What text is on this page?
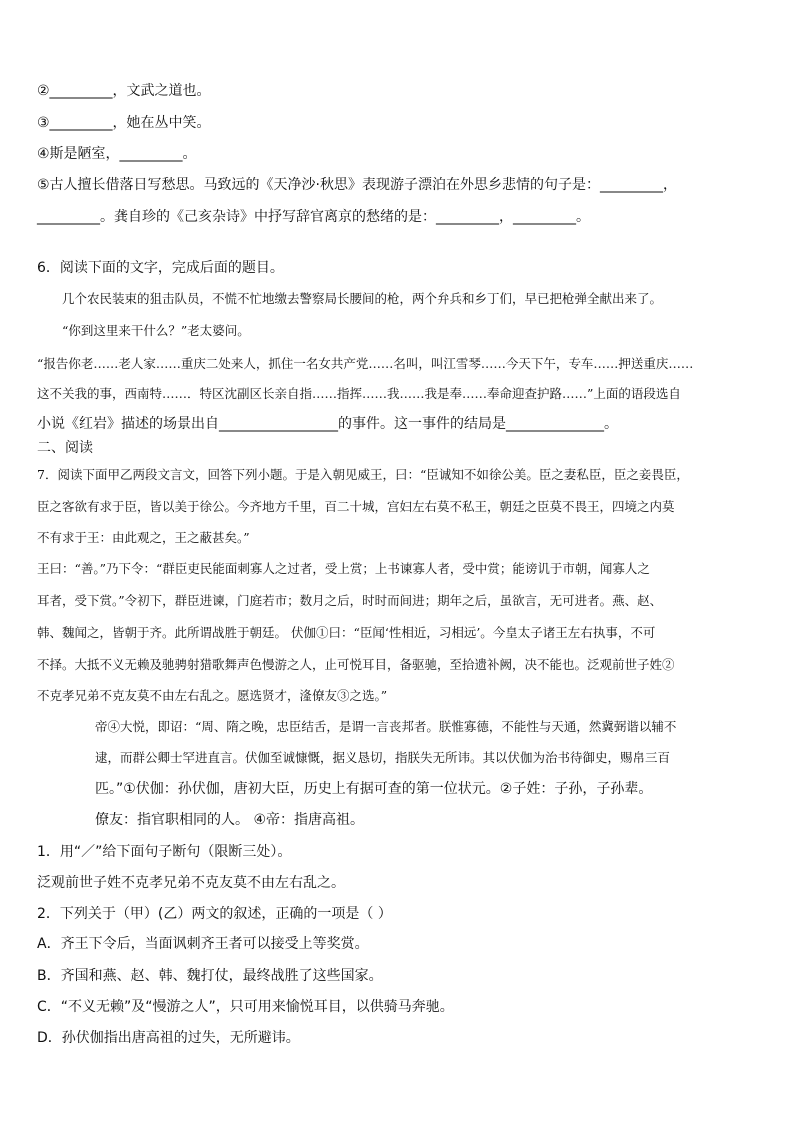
②_________，文武之道也。
③_________，她在丛中笑。
④斯是陋室，_________。
⑤古人擅长借落日写愁思。马致远的《天净沙·秋思》表现游子漂泊在外思乡悲情的句子是：_________，
_________。龚自珍的《己亥杂诗》中抒写辞官离京的愁绪的是：_________，_________。
6．阅读下面的文字，完成后面的题目。
几个农民装束的狙击队员，不慌不忙地缴去警察局长腰间的枪，两个弁兵和乡丁们，早已把枪弹全献出来了。
“你到这里来干什么？”老太婆问。
“报告你老……老人家……重庆二处来人，抓住一名女共产党……名叫，叫江雪琴……今天下午，专车……押送重庆……
这不关我的事，西南特……．特区沈副区长亲自指……指挥……我……我是奉……奉命迎查护路……”上面的语段选自
小说《红岩》描述的场景出自_________________的事件。这一事件的结局是______________。
二、阅读
7．阅读下面甲乙两段文言文，回答下列小题。于是入朝见威王，曰：“臣诚知不如徐公美。臣之妻私臣，臣之妾畏臣，
臣之客欲有求于臣，皆以美于徐公。今齐地方千里，百二十城，宫妇左右莫不私王，朝廷之臣莫不畏王，四境之内莫
不有求于王：由此观之，王之蔽甚矣。”
王曰：“善。”乃下令：“群臣吏民能面刺寡人之过者，受上赏；上书谏寡人者，受中赏；能谤讥于市朝，闻寡人之
耳者，受下赏。”令初下，群臣进谏，门庭若市；数月之后，时时而间进；期年之后，虽欲言，无可进者。燕、赵、
韩、魏闻之，皆朝于齐。此所谓战胜于朝廷。 伏伽①曰：“臣闻‘性相近，习相远’。今皇太子诸王左右执事，不可
不择。大抵不义无赖及驰骋射猎歌舞声色慢游之人，止可悦耳目，备驱驰，至拾遗补阙，决不能也。泛观前世子姓②
不克孝兄弟不克友莫不由左右乱之。愿选贤才，湰僚友③之选。”
帝④大悦，即诏：“周、隋之晚，忠臣结舌，是谓一言丧邦者。朕惟寡德，不能性与天通，然冀弼谐以辅不
逮，而群公卿士罕进直言。伏伽至诚慷慨，据义恳切，指朕失无所讳。其以伏伽为治书待御史，赐帛三百
匹。”①伏伽：孙伏伽，唐初大臣，历史上有据可查的第一位状元。②子姓：子孙，子孙辈。
僚友：指官职相同的人。 ④帝：指唐高祖。
1．用“／”给下面句子断句（限断三处）。
泛观前世子姓不克孝兄弟不克友莫不由左右乱之。
2．下列关于（甲）(乙）两文的叙述，正确的一项是（ ）
A．齐王下令后，当面讽刺齐王者可以接受上等奖赏。
B．齐国和燕、赵、韩、魏打仗，最终战胜了这些国家。
C．“不义无赖”及“慢游之人”，只可用来愉悦耳目，以供骑马奔驰。
D．孙伏伽指出唐高祖的过失，无所避讳。
